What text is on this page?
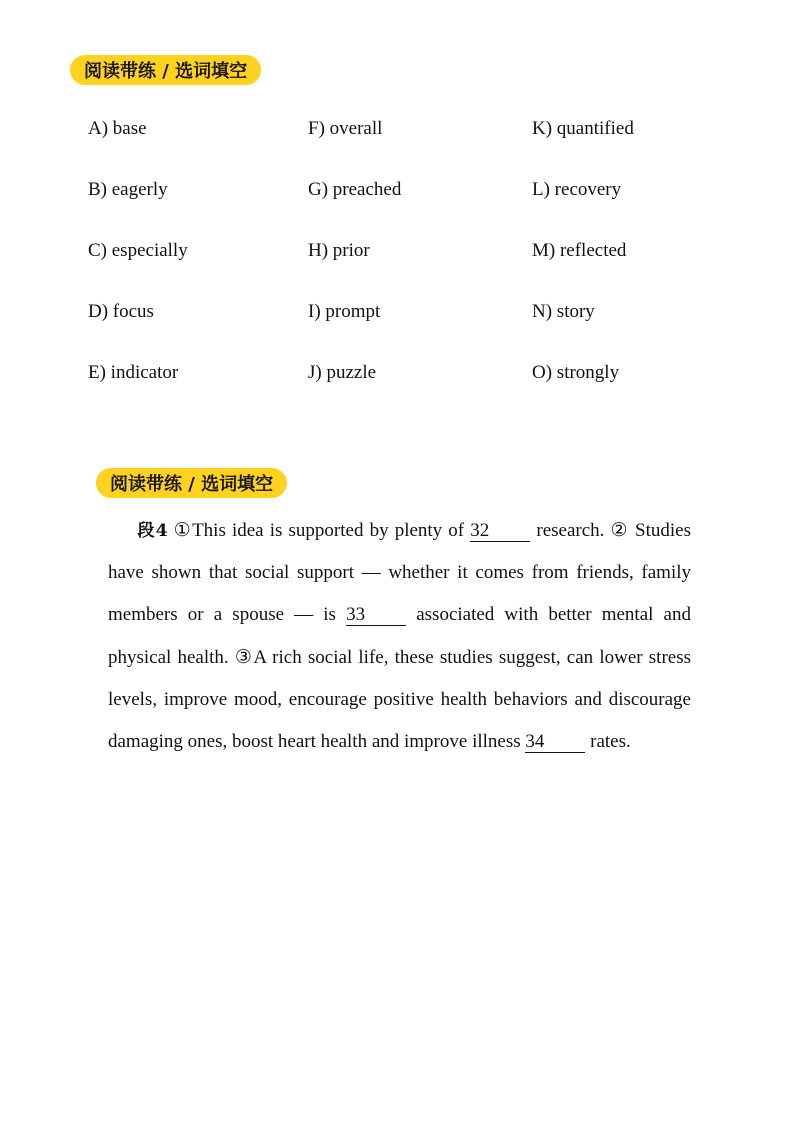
阅读带练 / 选词填空
A) base	F) overall	K) quantified
B) eagerly	G) preached	L) recovery
C) especially	H) prior	M) reflected
D) focus	I) prompt	N) story
E) indicator	J) puzzle	O) strongly
阅读带练 / 选词填空
段4 ①This idea is supported by plenty of 32 research. ② Studies have shown that social support — whether it comes from friends, family members or a spouse — is 33 associated with better mental and physical health. ③A rich social life, these studies suggest, can lower stress levels, improve mood, encourage positive health behaviors and discourage damaging ones, boost heart health and improve illness 34 rates.
